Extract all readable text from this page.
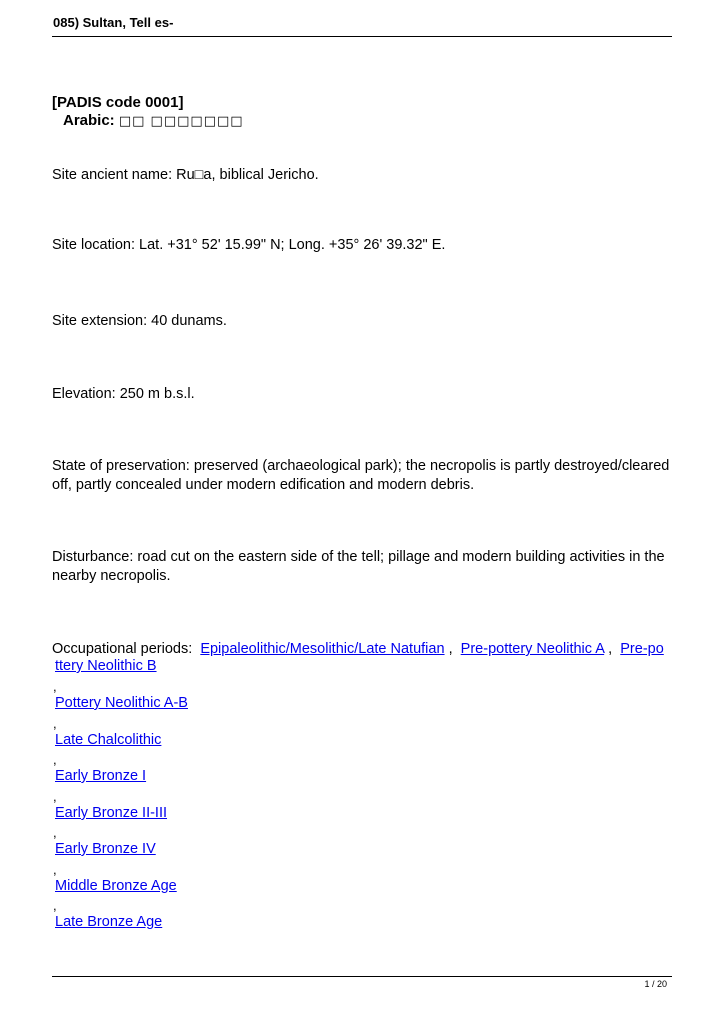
085) Sultan, Tell es-
[PADIS code 0001]
Arabic: □□ □□□□□□□
Site ancient name: Ru□a, biblical Jericho.
Site location: Lat. +31° 52' 15.99" N; Long. +35° 26' 39.32" E.
Site extension: 40 dunams.
Elevation: 250 m b.s.l.
State of preservation: preserved (archaeological park); the necropolis is partly destroyed/cleared off, partly concealed under modern edification and modern debris.
Disturbance: road cut on the eastern side of the tell; pillage and modern building activities in the nearby necropolis.
Occupational periods: Epipaleolithic/Mesolithic/Late Natufian , Pre-pottery Neolithic A , Pre-po
ttery Neolithic B
,
Pottery Neolithic A-B
,
Late Chalcolithic
,
Early Bronze I
,
Early Bronze II-III
,
Early Bronze IV
,
Middle Bronze Age
,
Late Bronze Age
1 / 20
